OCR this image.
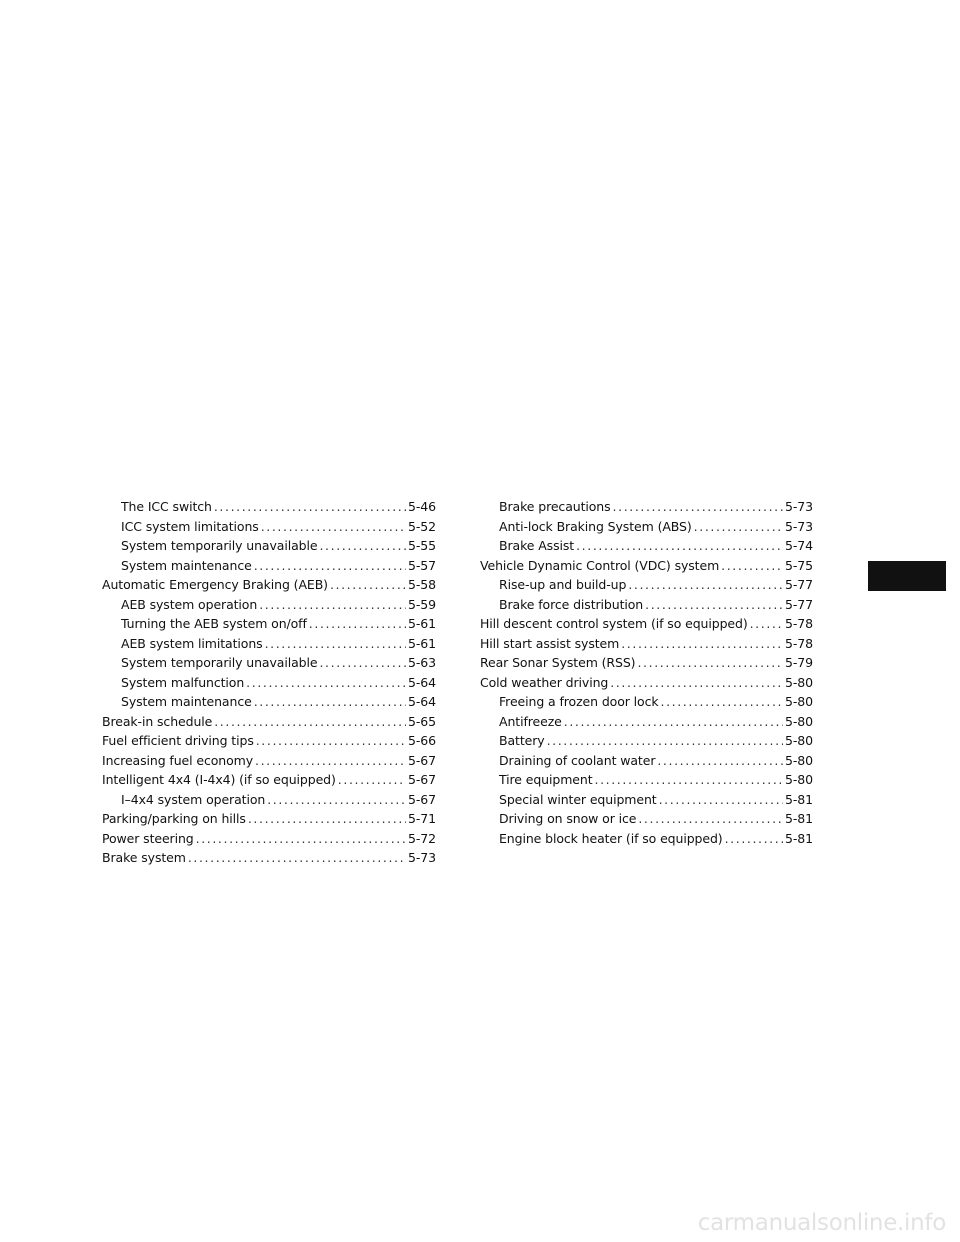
The ICC switch .....	5-46
ICC system limitations .....	5-52
System temporarily unavailable .....	5-55
System maintenance .....	5-57
Automatic Emergency Braking (AEB) .....	5-58
AEB system operation .....	5-59
Turning the AEB system on/off .....	5-61
AEB system limitations .....	5-61
System temporarily unavailable .....	5-63
System malfunction .....	5-64
System maintenance .....	5-64
Break-in schedule .....	5-65
Fuel efficient driving tips .....	5-66
Increasing fuel economy .....	5-67
Intelligent 4x4 (I-4x4) (if so equipped) .....	5-67
I–4x4 system operation .....	5-67
Parking/parking on hills .....	5-71
Power steering .....	5-72
Brake system .....	5-73
Brake precautions .....	5-73
Anti-lock Braking System (ABS) .....	5-73
Brake Assist .....	5-74
Vehicle Dynamic Control (VDC) system .....	5-75
Rise-up and build-up .....	5-77
Brake force distribution .....	5-77
Hill descent control system (if so equipped) .....	5-78
Hill start assist system .....	5-78
Rear Sonar System (RSS) .....	5-79
Cold weather driving .....	5-80
Freeing a frozen door lock .....	5-80
Antifreeze .....	5-80
Battery .....	5-80
Draining of coolant water .....	5-80
Tire equipment .....	5-80
Special winter equipment .....	5-81
Driving on snow or ice .....	5-81
Engine block heater (if so equipped) .....	5-81
carmanualsonline.info
